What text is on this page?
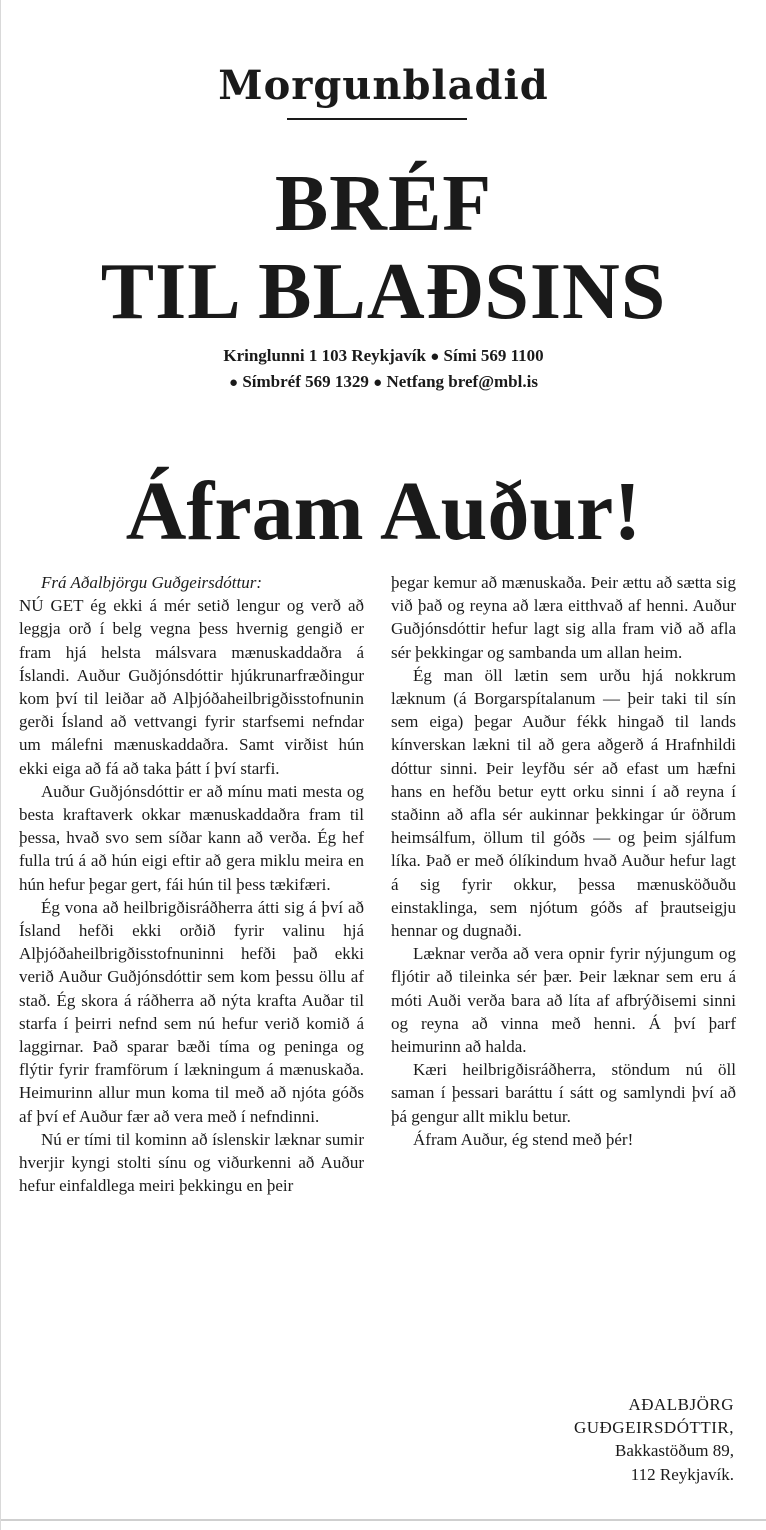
Morgunbladid
BRÉF
TIL BLAÐSINS
Kringlunni 1 103 Reykjavík ● Sími 569 1100
● Símbréf 569 1329 ● Netfang bref@mbl.is
Áfram Auður!

Frá Aðalbjörgu Guðgeirsdóttur:

NÚ GET ég ekki á mér setið lengur og verð að leggja orð í belg vegna þess hvernig gengið er fram hjá helsta málsvara mænuskaddaðra á Íslandi. Auður Guðjónsdóttir hjúkrunarfræðingur kom því til leiðar að Alþjóðaheilbrigðisstofnunin gerði Ísland að vettvangi fyrir starfsemi nefndar um málefni mænuskaddaðra. Samt virðist hún ekki eiga að fá að taka þátt í því starfi.

Auður Guðjónsdóttir er að mínu mati mesta og besta kraftaverk okkar mænuskaddaðra fram til þessa, hvað svo sem síðar kann að verða. Ég hef fulla trú á að hún eigi eftir að gera miklu meira en hún hefur þegar gert, fái hún til þess tækifæri.

Ég vona að heilbrigðisráðherra átti sig á því að Ísland hefði ekki orðið fyrir valinu hjá Alþjóðaheilbrigðisstofnuninni hefði það ekki verið Auður Guðjónsdóttir sem kom þessu öllu af stað. Ég skora á ráðherra að nýta krafta Auðar til starfa í þeirri nefnd sem nú hefur verið komið á laggirnar. Það sparar bæði tíma og peninga og flýtir fyrir framförum í lækningum á mænuskaða. Heimurinn allur mun koma til með að njóta góðs af því ef Auður fær að vera með í nefndinni.

Nú er tími til kominn að íslenskir læknar sumir hverjir kyngi stolti sínu og viðurkenni að Auður hefur einfaldlega meiri þekkingu en þeir

þegar kemur að mænuskaða. Þeir ættu að sætta sig við það og reyna að læra eitthvað af henni. Auður Guðjónsdóttir hefur lagt sig alla fram við að afla sér þekkingar og sambanda um allan heim.

Ég man öll lætin sem urðu hjá nokkrum læknum (á Borgarspítalanum — þeir taki til sín sem eiga) þegar Auður fékk hingað til lands kínverskan lækni til að gera aðgerð á Hrafnhildi dóttur sinni. Þeir leyfðu sér að efast um hæfni hans en hefðu betur eytt orku sinni í að reyna í staðinn að afla sér aukinnar þekkingar úr öðrum heimsálfum, öllum til góðs — og þeim sjálfum líka. Það er með ólíkindum hvað Auður hefur lagt á sig fyrir okkur, þessa mænusköðuðu einstaklinga, sem njótum góðs af þrautseigju hennar og dugnaði.

Læknar verða að vera opnir fyrir nýjungum og fljótir að tileinka sér þær. Þeir læknar sem eru á móti Auði verða bara að líta af afbrýðisemi sinni og reyna að vinna með henni. Á því þarf heimurinn að halda.

Kæri heilbrigðisráðherra, stöndum nú öll saman í þessari baráttu í sátt og samlyndi því að þá gengur allt miklu betur.

Áfram Auður, ég stend með þér!

AÐALBJÖRG
GUÐGEIRSDÓTTIR,
Bakkastöðum 89,
112 Reykjavík.
